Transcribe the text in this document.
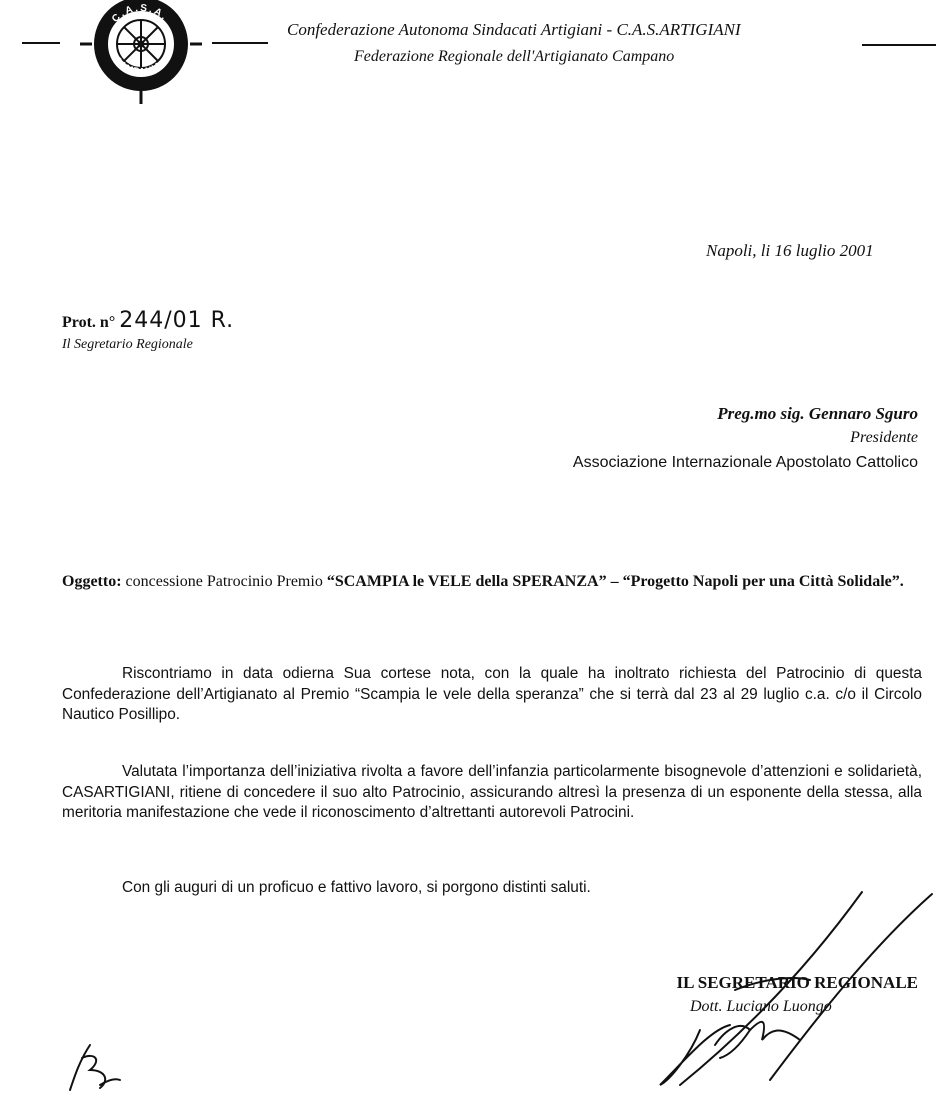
C.A.S.A.
CAMPANIA
Confederazione Autonoma Sindacati Artigiani - C.A.S.ARTIGIANI
Federazione Regionale dell'Artigianato Campano
Napoli, li 16 luglio 2001
Prot. n° 244/01 R.
Il Segretario Regionale
Preg.mo sig. Gennaro Sguro
Presidente
Associazione Internazionale Apostolato Cattolico
Oggetto: concessione Patrocinio Premio “SCAMPIA le VELE della SPERANZA” – “Progetto Napoli per una Città Solidale”.
Riscontriamo in data odierna Sua cortese nota, con la quale ha inoltrato richiesta del Patrocinio di questa Confederazione dell’Artigianato al Premio “Scampia le vele della speranza” che si terrà dal 23 al 29 luglio c.a. c/o il Circolo Nautico Posillipo.
Valutata l’importanza dell’iniziativa rivolta a favore dell’infanzia particolarmente bisognevole d’attenzioni e solidarietà, CASARTIGIANI, ritiene di concedere il suo alto Patrocinio, assicurando altresì la presenza di un esponente della stessa, alla meritoria manifestazione che vede il riconoscimento d’altrettanti autorevoli Patrocini.
Con gli auguri di un proficuo e fattivo lavoro, si porgono distinti saluti.
IL SEGRETARIO REGIONALE
Dott. Luciano Luongo
